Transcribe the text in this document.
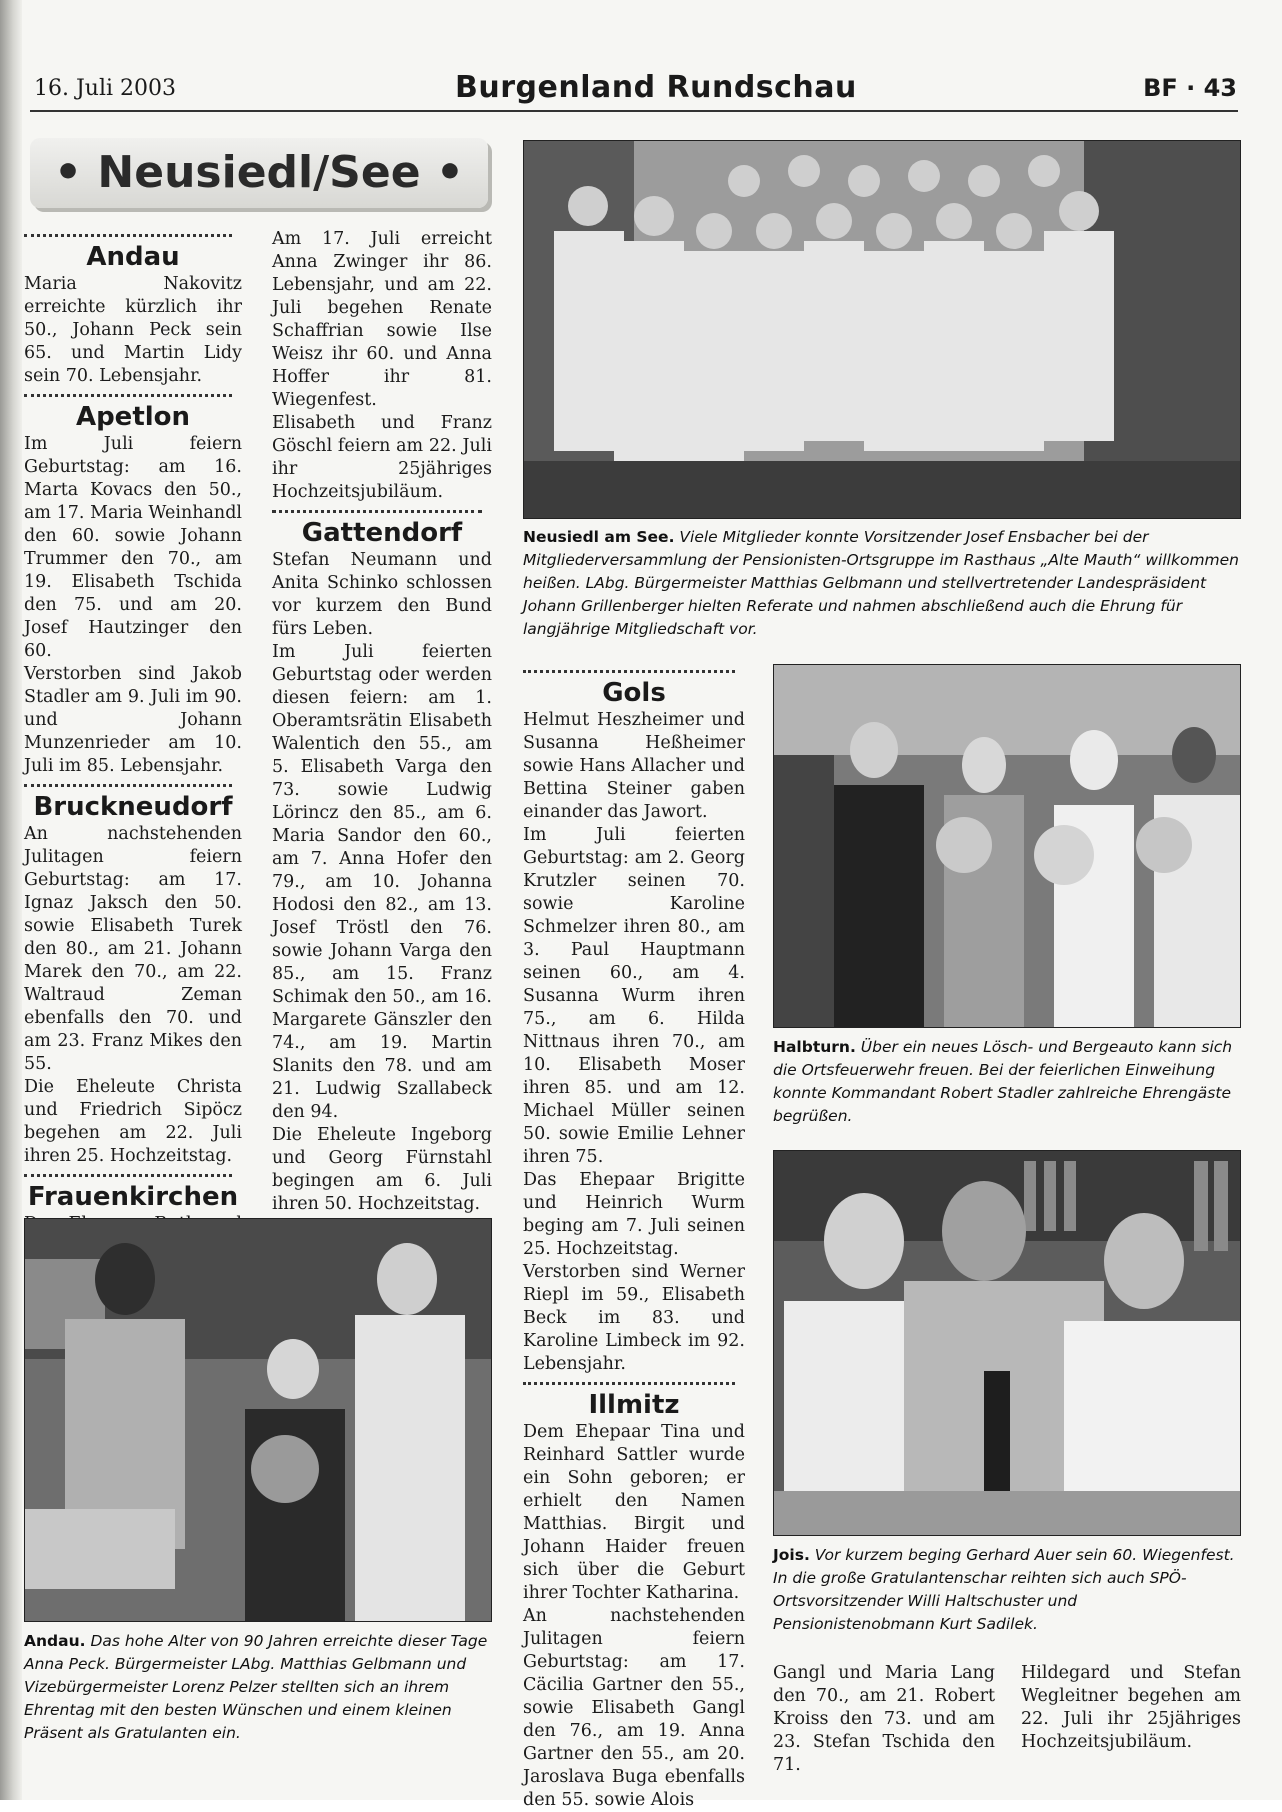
16. Juli 2003	Burgenland Rundschau	BF · 43
• Neusiedl/See •
Andau

Maria Nakovitz erreichte kürzlich ihr 50., Johann Peck sein 65. und Martin Lidy sein 70. Lebensjahr.

Apetlon

Im Juli feiern Geburtstag: am 16. Marta Kovacs den 50., am 17. Maria Weinhandl den 60. sowie Johann Trummer den 70., am 19. Elisabeth Tschida den 75. und am 20. Josef Hautzinger den 60.

Verstorben sind Jakob Stadler am 9. Juli im 90. und Johann Munzenrieder am 10. Juli im 85. Lebensjahr.

Bruckneudorf

An nachstehenden Julitagen feiern Geburtstag: am 17. Ignaz Jaksch den 50. sowie Elisabeth Turek den 80., am 21. Johann Marek den 70., am 22. Waltraud Zeman ebenfalls den 70. und am 23. Franz Mikes den 55.

Die Eheleute Christa und Friedrich Sipöcz begehen am 22. Juli ihren 25. Hochzeitstag.

Frauenkirchen

Am 17. Juli erreicht Anna Zwinger ihr 86. Lebensjahr, und am 22. Juli begehen Renate Schaffrian sowie Ilse Weisz ihr 60. und Anna Hoffer ihr 81. Wiegenfest.

Elisabeth und Franz Göschl feiern am 22. Juli ihr 25jähriges Hochzeitsjubiläum.

Gattendorf

Stefan Neumann und Anita Schinko schlossen vor kurzem den Bund fürs Leben.

Im Juli feierten Geburtstag oder werden diesen feiern: am 1. Oberamtsrätin Elisabeth Walentich den 55., am 5. Elisabeth Varga den 73. sowie Ludwig Lörincz den 85., am 6. Maria Sandor den 60., am 7. Anna Hofer den 79., am 10. Johanna Hodosi den 82., am 13. Josef Tröstl den 76. sowie Johann Varga den 85., am 15. Franz Schimak den 50., am 16. Margarete Gänszler den 74., am 19. Martin Slanits den 78. und am 21. Ludwig Szallabeck den 94.

Die Eheleute Ingeborg und Georg Fürnstahl begingen am 6. Juli ihren 50. Hochzeitstag.

Andau. Das hohe Alter von 90 Jahren erreichte dieser Tage Anna Peck. Bürgermeister LAbg. Matthias Gelbmann und Vizebürgermeister Lorenz Pelzer stellten sich an ihrem Ehrentag mit den besten Wünschen und einem kleinen Präsent als Gratulanten ein.
Neusiedl am See. Viele Mitglieder konnte Vorsitzender Josef Ensbacher bei der Mitgliederversammlung der Pensionisten-Ortsgruppe im Rasthaus „Alte Mauth“ willkommen heißen. LAbg. Bürgermeister Matthias Gelbmann und stellvertretender Landespräsident Johann Grillenberger hielten Referate und nahmen abschließend auch die Ehrung für langjährige Mitgliedschaft vor.
Gols

Helmut Heszheimer und Susanna Heßheimer sowie Hans Allacher und Bettina Steiner gaben einander das Jawort.

Im Juli feierten Geburtstag: am 2. Georg Krutzler seinen 70. sowie Karoline Schmelzer ihren 80., am 3. Paul Hauptmann seinen 60., am 4. Susanna Wurm ihren 75., am 6. Hilda Nittnaus ihren 70., am 10. Elisabeth Moser ihren 85. und am 12. Michael Müller seinen 50. sowie Emilie Lehner ihren 75.

Das Ehepaar Brigitte und Heinrich Wurm beging am 7. Juli seinen 25. Hochzeitstag.

Verstorben sind Werner Riepl im 59., Elisabeth Beck im 83. und Karoline Limbeck im 92. Lebensjahr.

Illmitz

Dem Ehepaar Tina und Reinhard Sattler wurde ein Sohn geboren; er erhielt den Namen Matthias. Birgit und Johann Haider freuen sich über die Geburt ihrer Tochter Katharina.

An nachstehenden Julitagen feiern Geburtstag: am 17. Cäcilia Gartner den 55., sowie Elisabeth Gangl den 76., am 19. Anna Gartner den 55., am 20. Jaroslava Buga ebenfalls den 55. sowie Alois

Halbturn. Über ein neues Lösch- und Bergeauto kann sich die Ortsfeuerwehr freuen. Bei der feierlichen Einweihung konnte Kommandant Robert Stadler zahlreiche Ehrengäste begrüßen.
Jois. Vor kurzem beging Gerhard Auer sein 60. Wiegenfest. In die große Gratulantenschar reihten sich auch SPÖ-Ortsvorsitzender Willi Haltschuster und Pensionistenobmann Kurt Sadilek.

Gangl und Maria Lang den 70., am 21. Robert Kroiss den 73. und am 23. Stefan Tschida den 71.

Hildegard und Stefan Wegleitner begehen am 22. Juli ihr 25jähriges Hochzeitsjubiläum.
